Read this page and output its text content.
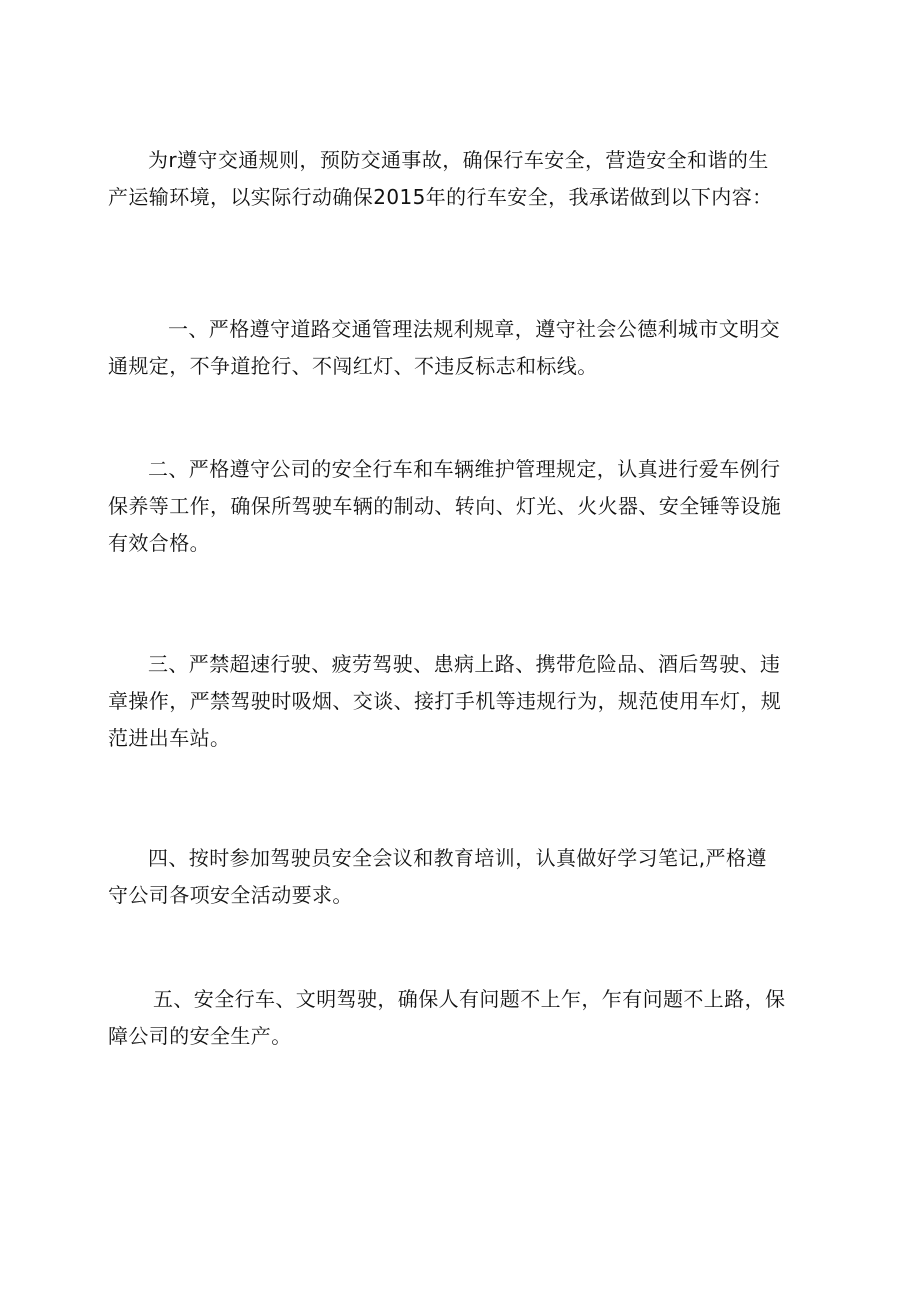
为r遵守交通规则，预防交通事故，确保行车安全，营造安全和谐的生
产运输环境，以实际行动确保2015年的行车安全，我承诺做到以下内容：

一、严格遵守道路交通管理法规利规章，遵守社会公德利城市文明交
通规定，不争道抢行、不闯红灯、不违反标志和标线。

二、严格遵守公司的安全行车和车辆维护管理规定，认真进行爱车例行
保养等工作，确保所驾驶车辆的制动、转向、灯光、火火器、安全锤等设施
有效合格。

三、严禁超速行驶、疲劳驾驶、患病上路、携带危险品、酒后驾驶、违
章操作，严禁驾驶时吸烟、交谈、接打手机等违规行为，规范使用车灯，规
范进出车站。

四、按时参加驾驶员安全会议和教育培训，认真做好学习笔记,严格遵
守公司各项安全活动要求。

五、安全行车、文明驾驶，确保人有问题不上乍，乍有问题不上路，保
障公司的安全生产。
